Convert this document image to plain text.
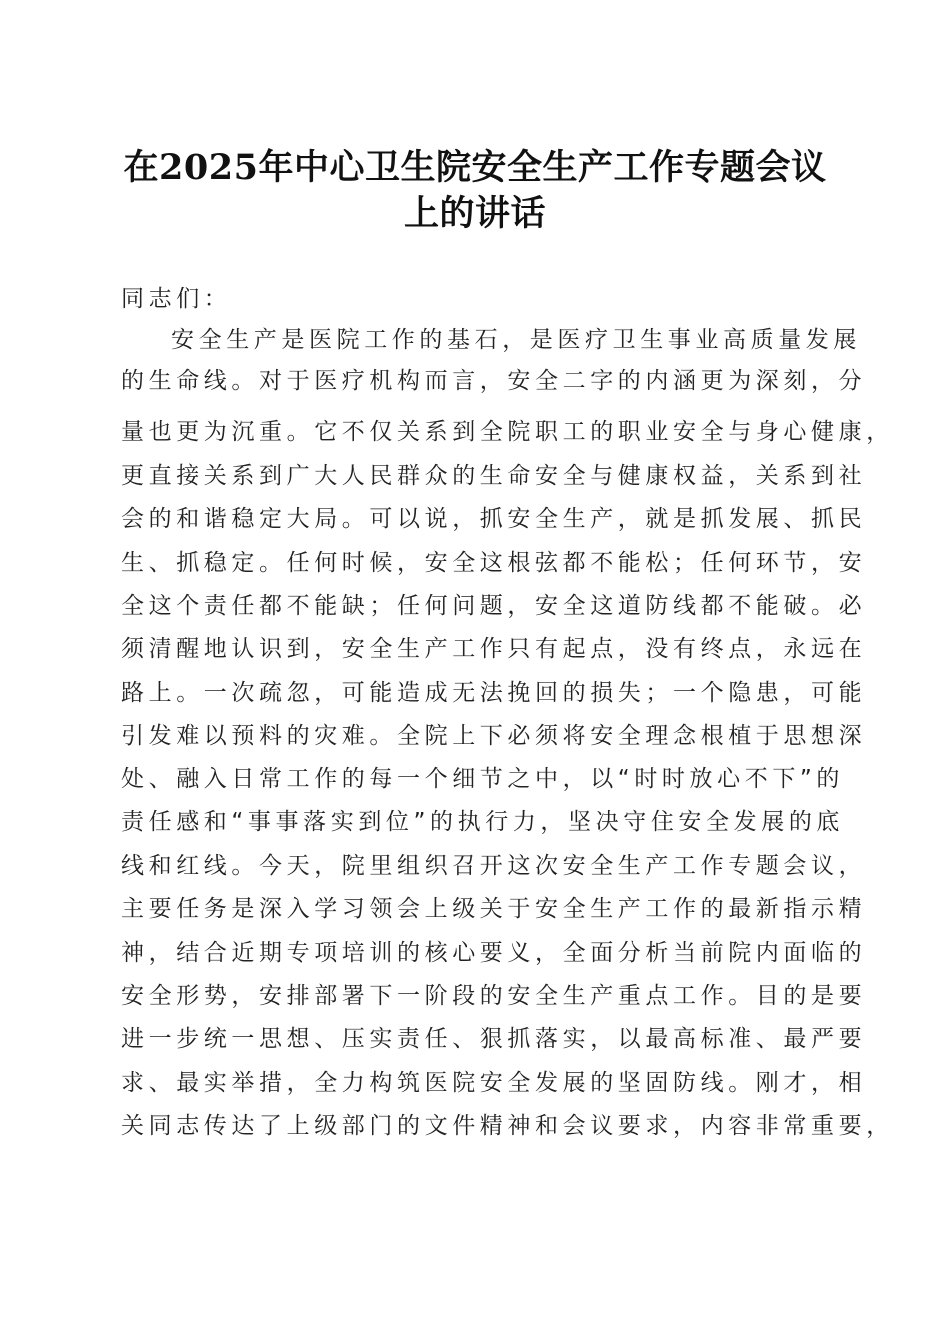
在2025年中心卫生院安全生产工作专题会议
上的讲话
同志们：
安全生产是医院工作的基石，是医疗卫生事业高质量发展
的生命线。对于医疗机构而言，安全二字的内涵更为深刻，分
量也更为沉重。它不仅关系到全院职工的职业安全与身心健康，
更直接关系到广大人民群众的生命安全与健康权益，关系到社
会的和谐稳定大局。可以说，抓安全生产，就是抓发展、抓民
生、抓稳定。任何时候，安全这根弦都不能松；任何环节，安
全这个责任都不能缺；任何问题，安全这道防线都不能破。必
须清醒地认识到，安全生产工作只有起点，没有终点，永远在
路上。一次疏忽，可能造成无法挽回的损失；一个隐患，可能
引发难以预料的灾难。全院上下必须将安全理念根植于思想深
处、融入日常工作的每一个细节之中，以“时时放心不下”的
责任感和“事事落实到位”的执行力，坚决守住安全发展的底
线和红线。今天，院里组织召开这次安全生产工作专题会议，
主要任务是深入学习领会上级关于安全生产工作的最新指示精
神，结合近期专项培训的核心要义，全面分析当前院内面临的
安全形势，安排部署下一阶段的安全生产重点工作。目的是要
进一步统一思想、压实责任、狠抓落实，以最高标准、最严要
求、最实举措，全力构筑医院安全发展的坚固防线。刚才，相
关同志传达了上级部门的文件精神和会议要求，内容非常重要，
